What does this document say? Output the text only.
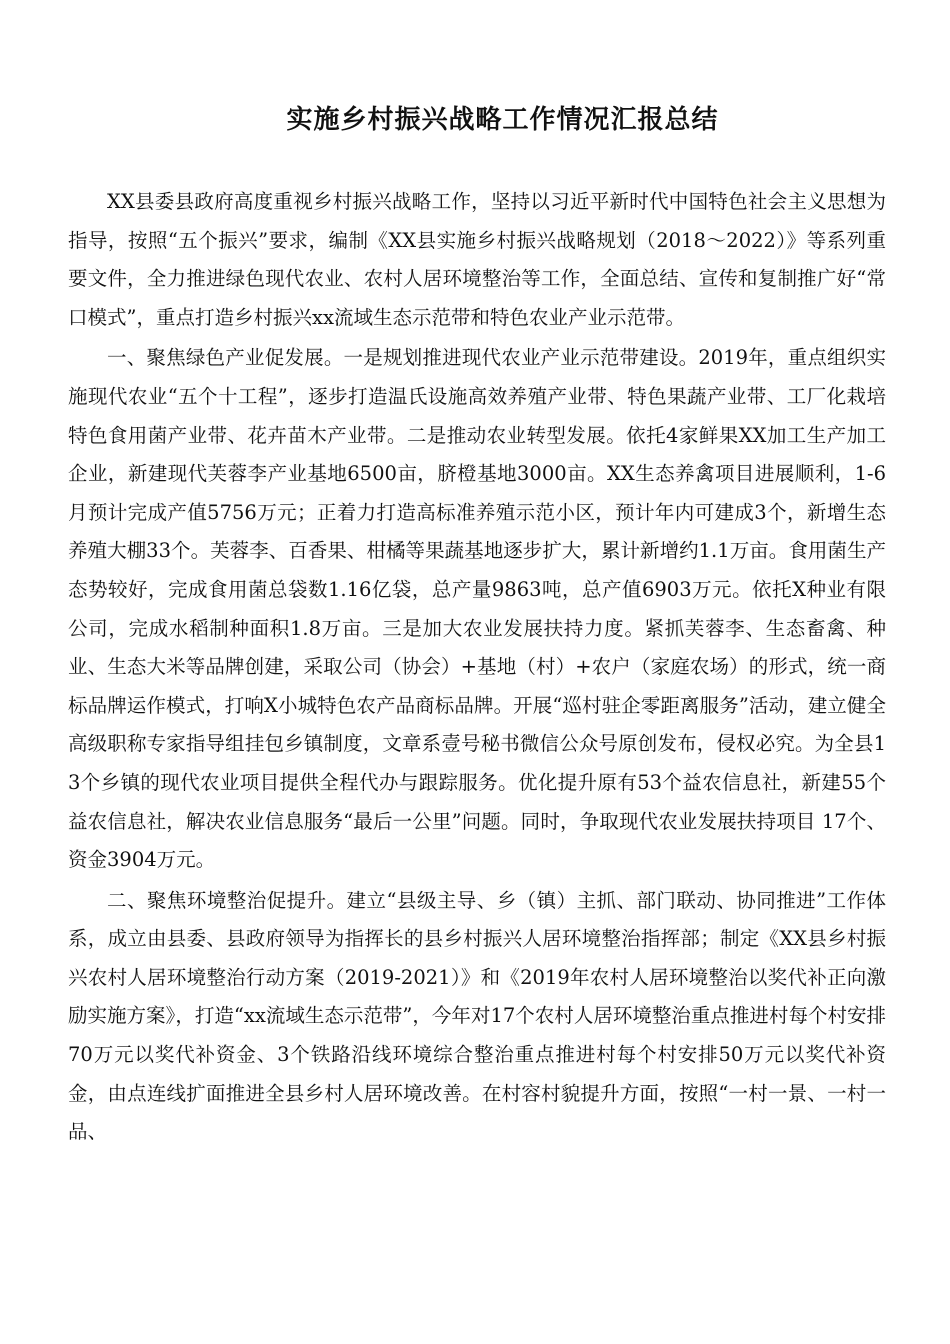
实施乡村振兴战略工作情况汇报总结

XX县委县政府高度重视乡村振兴战略工作，坚持以习近平新时代中国特色社会主义思想为指导，按照“五个振兴”要求，编制《XX县实施乡村振兴战略规划（2018～2022）》等系列重要文件，全力推进绿色现代农业、农村人居环境整治等工作，全面总结、宣传和复制推广好“常口模式”，重点打造乡村振兴xx流域生态示范带和特色农业产业示范带。

一、聚焦绿色产业促发展。一是规划推进现代农业产业示范带建设。2019年，重点组织实施现代农业“五个十工程”，逐步打造温氏设施高效养殖产业带、特色果蔬产业带、工厂化栽培特色食用菌产业带、花卉苗木产业带。二是推动农业转型发展。依托4家鲜果XX加工生产加工企业，新建现代芙蓉李产业基地6500亩，脐橙基地3000亩。XX生态养禽项目进展顺利，1-6月预计完成产值5756万元；正着力打造高标准养殖示范小区，预计年内可建成3个，新增生态养殖大棚33个。芙蓉李、百香果、柑橘等果蔬基地逐步扩大，累计新增约1.1万亩。食用菌生产态势较好，完成食用菌总袋数1.16亿袋，总产量9863吨，总产值6903万元。依托X种业有限公司，完成水稻制种面积1.8万亩。三是加大农业发展扶持力度。紧抓芙蓉李、生态畜禽、种业、生态大米等品牌创建，采取公司（协会）+基地（村）+农户（家庭农场）的形式，统一商标品牌运作模式，打响X小城特色农产品商标品牌。开展“巡村驻企零距离服务”活动，建立健全高级职称专家指导组挂包乡镇制度，文章系壹号秘书微信公众号原创发布，侵权必究。为全县13个乡镇的现代农业项目提供全程代办与跟踪服务。优化提升原有53个益农信息社，新建55个益农信息社，解决农业信息服务“最后一公里”问题。同时，争取现代农业发展扶持项目 17个、资金3904万元。

二、聚焦环境整治促提升。建立“县级主导、乡（镇）主抓、部门联动、协同推进”工作体系，成立由县委、县政府领导为指挥长的县乡村振兴人居环境整治指挥部；制定《XX县乡村振兴农村人居环境整治行动方案（2019-2021）》和《2019年农村人居环境整治以奖代补正向激励实施方案》，打造“xx流域生态示范带”，今年对17个农村人居环境整治重点推进村每个村安排70万元以奖代补资金、3个铁路沿线环境综合整治重点推进村每个村安排50万元以奖代补资金，由点连线扩面推进全县乡村人居环境改善。在村容村貌提升方面，按照“一村一景、一村一品、
